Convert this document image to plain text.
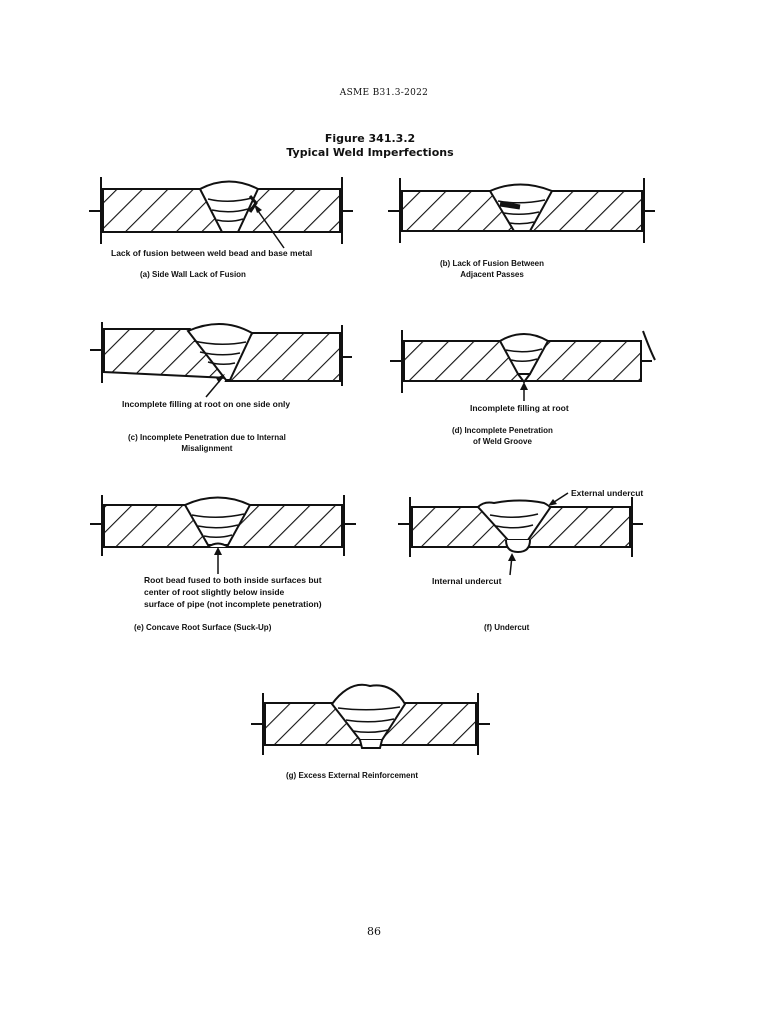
ASME B31.3-2022
Figure 341.3.2
Typical Weld Imperfections
Lack of fusion between weld bead and base metal
(a) Side Wall Lack of Fusion
(b) Lack of Fusion Between
Adjacent Passes
Incomplete filling at root on one side only
(c) Incomplete Penetration due to Internal
Misalignment
Incomplete filling at root
(d) Incomplete Penetration
of Weld Groove
Root bead fused to both inside surfaces but
center of root slightly below inside
surface of pipe (not incomplete penetration)
(e) Concave Root Surface (Suck-Up)
External undercut
Internal undercut
(f) Undercut
(g) Excess External Reinforcement
86
